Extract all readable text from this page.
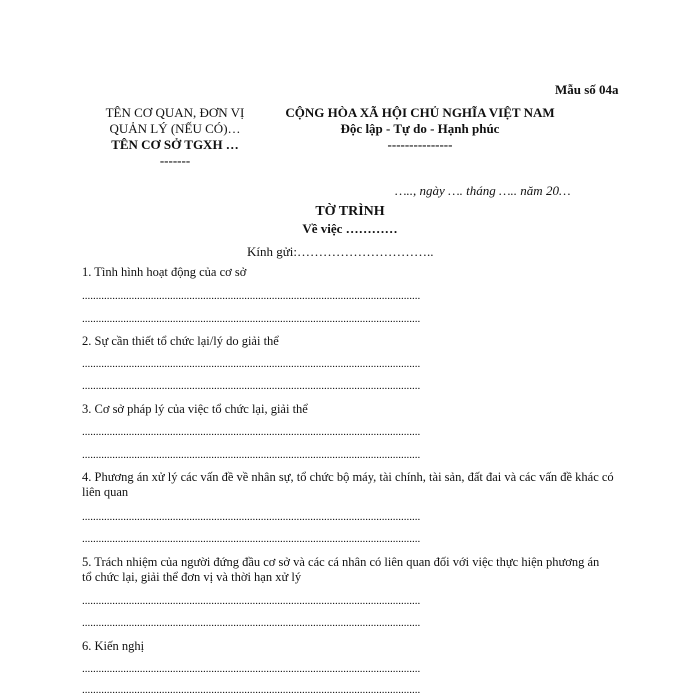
Mẫu số 04a
TÊN CƠ QUAN, ĐƠN VỊ
QUẢN LÝ (NẾU CÓ)…
TÊN CƠ SỞ TGXH …
-------
CỘNG HÒA XÃ HỘI CHỦ NGHĨA VIỆT NAM
Độc lập - Tự do - Hạnh phúc
---------------
….., ngày …. tháng ….. năm 20…
TỜ TRÌNH
Về việc …………
Kính gửi:…………………………..
1. Tình hình hoạt động của cơ sở
...........................................................................................................................
...........................................................................................................................
2. Sự cần thiết tổ chức lại/lý do giải thể
...........................................................................................................................
...........................................................................................................................
3. Cơ sở pháp lý của việc tổ chức lại, giải thể
...........................................................................................................................
...........................................................................................................................
4. Phương án xử lý các vấn đề về nhân sự, tổ chức bộ máy, tài chính, tài sản, đất đai và các vấn đề khác có liên quan
...........................................................................................................................
...........................................................................................................................
5. Trách nhiệm của người đứng đầu cơ sở và các cá nhân có liên quan đối với việc thực hiện phương án tổ chức lại, giải thể đơn vị và thời hạn xử lý
...........................................................................................................................
...........................................................................................................................
6. Kiến nghị
...........................................................................................................................
...........................................................................................................................
